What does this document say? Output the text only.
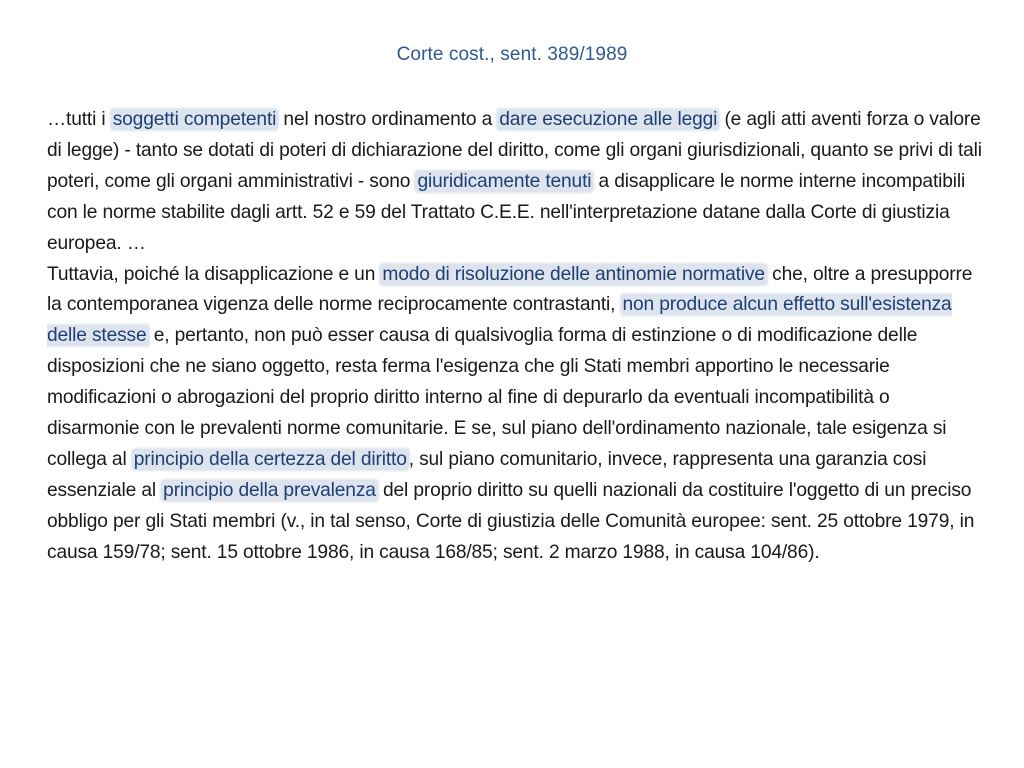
Corte cost., sent. 389/1989

…tutti i soggetti competenti nel nostro ordinamento a dare esecuzione alle leggi (e agli atti aventi forza o valore di legge) - tanto se dotati di poteri di dichiarazione del diritto, come gli organi giurisdizionali, quanto se privi di tali poteri, come gli organi amministrativi - sono giuridicamente tenuti a disapplicare le norme interne incompatibili con le norme stabilite dagli artt. 52 e 59 del Trattato C.E.E. nell'interpretazione datane dalla Corte di giustizia europea. …

Tuttavia, poiché la disapplicazione e un modo di risoluzione delle antinomie normative che, oltre a presupporre la contemporanea vigenza delle norme reciprocamente contrastanti, non produce alcun effetto sull'esistenza delle stesse e, pertanto, non può esser causa di qualsivoglia forma di estinzione o di modificazione delle disposizioni che ne siano oggetto, resta ferma l'esigenza che gli Stati membri apportino le necessarie modificazioni o abrogazioni del proprio diritto interno al fine di depurarlo da eventuali incompatibilità o disarmonie con le prevalenti norme comunitarie. E se, sul piano dell'ordinamento nazionale, tale esigenza si collega al principio della certezza del diritto , sul piano comunitario, invece, rappresenta una garanzia cosi essenziale al principio della prevalenza del proprio diritto su quelli nazionali da costituire l'oggetto di un preciso obbligo per gli Stati membri (v., in tal senso, Corte di giustizia delle Comunità europee: sent. 25 ottobre 1979, in causa 159/78; sent. 15 ottobre 1986, in causa 168/85; sent. 2 marzo 1988, in causa 104/86).
